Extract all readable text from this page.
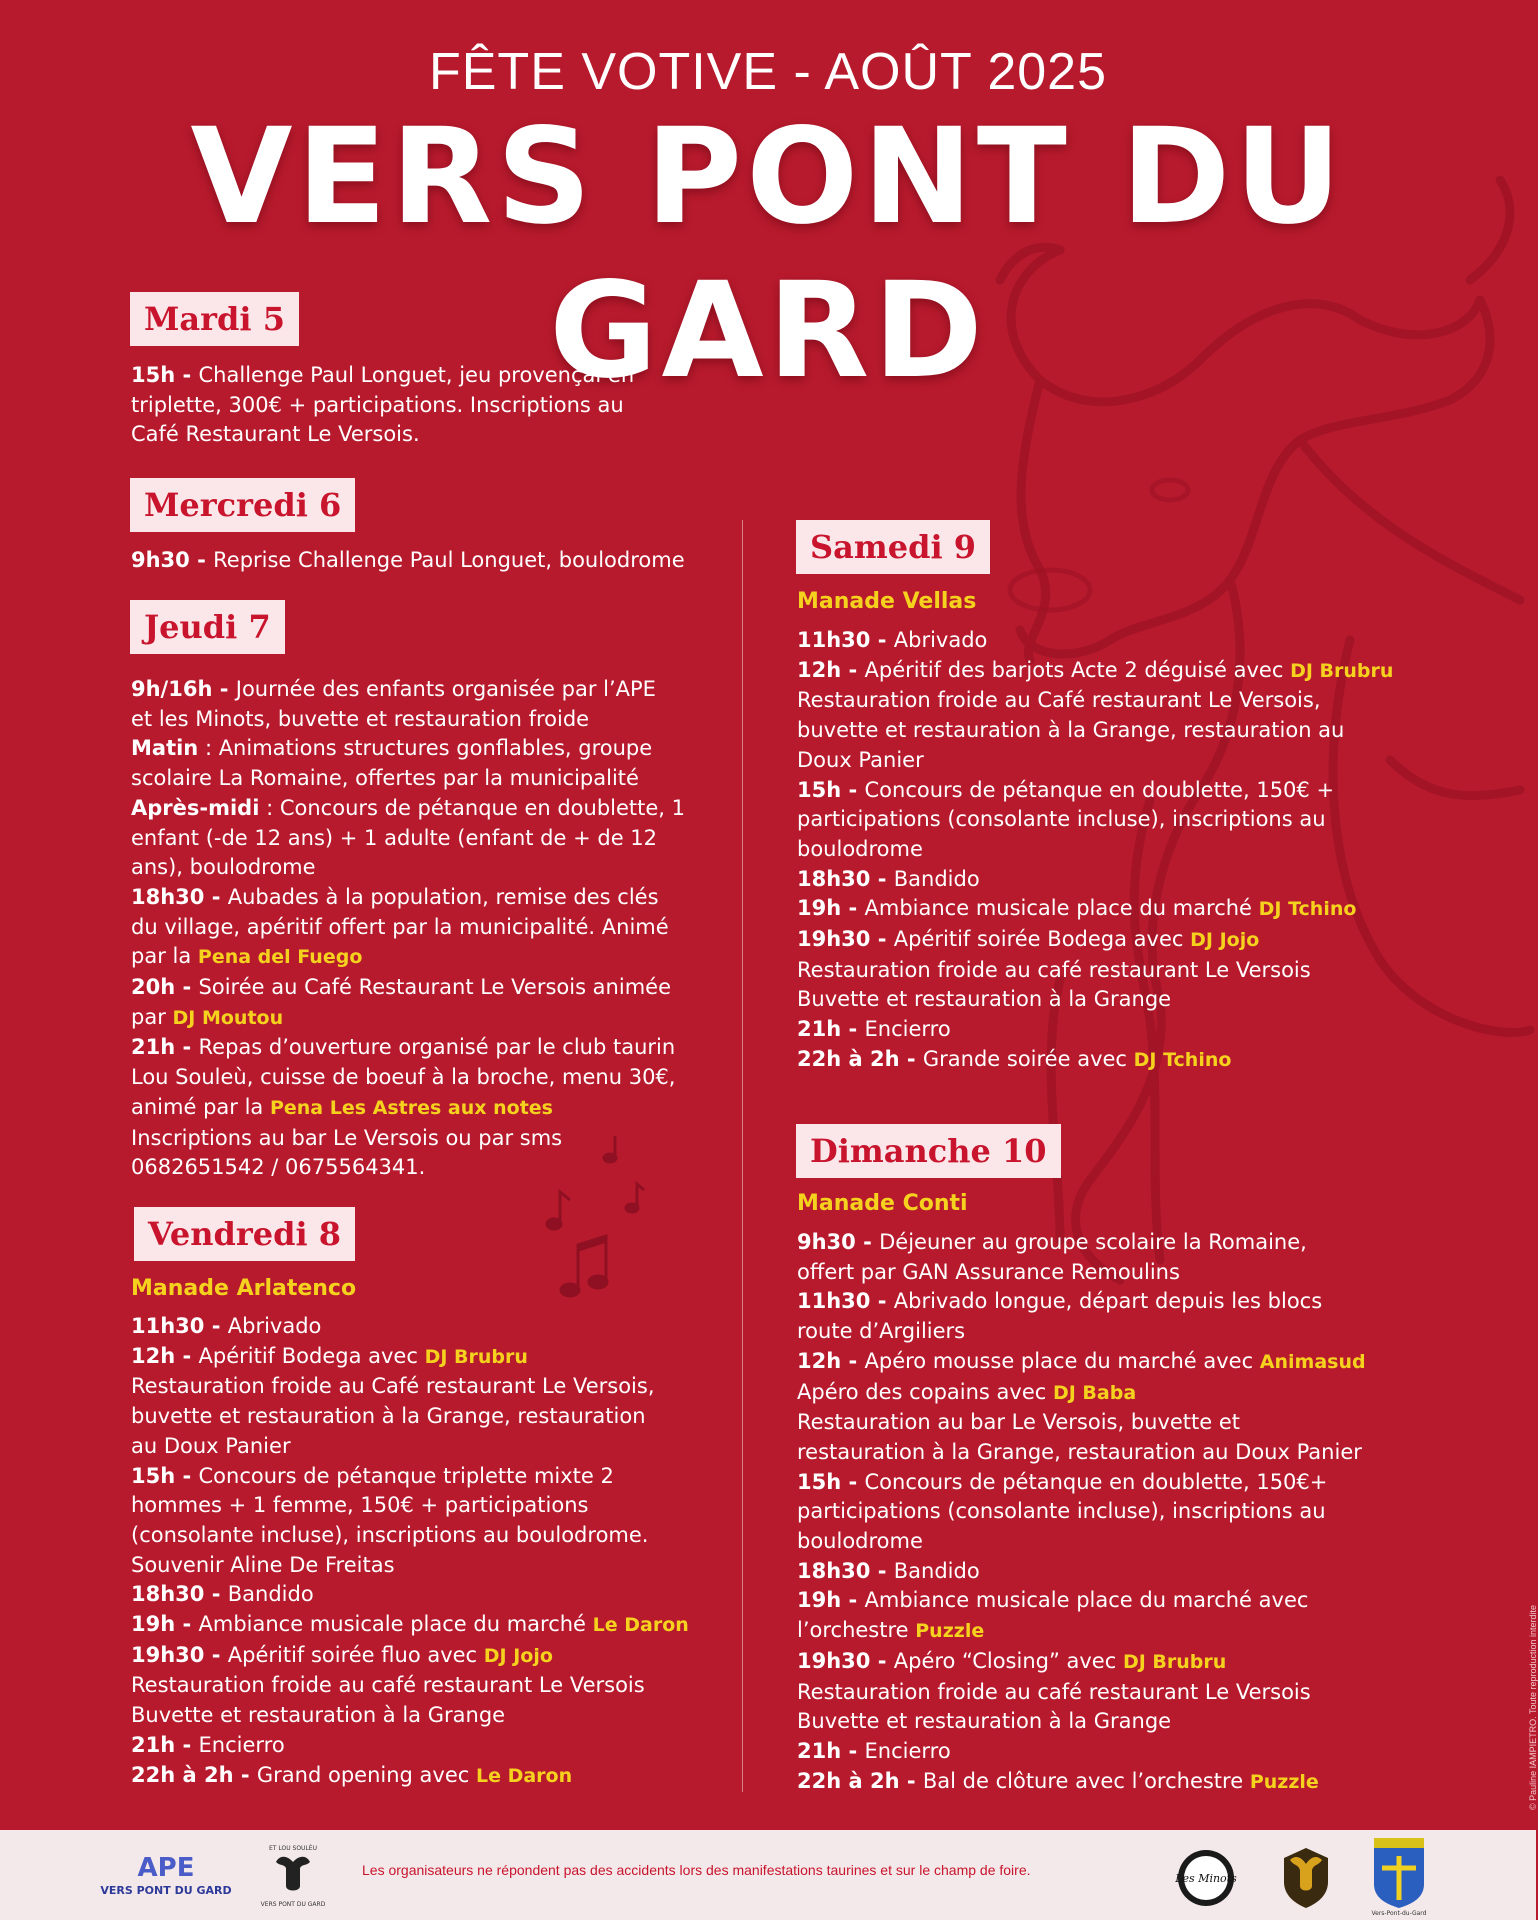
FÊTE VOTIVE - AOÛT 2025
VERS PONT DU GARD
Mardi 5
15h - Challenge Paul Longuet, jeu provençal en
triplette, 300€ + participations. Inscriptions au
Café Restaurant Le Versois.
Mercredi 6
9h30 - Reprise Challenge Paul Longuet, boulodrome
Jeudi 7
9h/16h - Journée des enfants organisée par l’APE
et les Minots, buvette et restauration froide
Matin : Animations structures gonflables, groupe
scolaire La Romaine, offertes par la municipalité
Après-midi : Concours de pétanque en doublette, 1
enfant (-de 12 ans) + 1 adulte (enfant de + de 12
ans), boulodrome
18h30 - Aubades à la population, remise des clés
du village, apéritif offert par la municipalité. Animé
par la Pena del Fuego
20h - Soirée au Café Restaurant Le Versois animée
par DJ Moutou
21h - Repas d’ouverture organisé par le club taurin
Lou Souleù, cuisse de boeuf à la broche, menu 30€,
animé par la Pena Les Astres aux notes
Inscriptions au bar Le Versois ou par sms
0682651542 / 0675564341.
Vendredi 8
Manade Arlatenco
11h30 - Abrivado
12h - Apéritif Bodega avec DJ Brubru
Restauration froide au Café restaurant Le Versois,
buvette et restauration à la Grange, restauration
au Doux Panier
15h - Concours de pétanque triplette mixte 2
hommes + 1 femme, 150€ + participations
(consolante incluse), inscriptions au boulodrome.
Souvenir Aline De Freitas
18h30 - Bandido
19h - Ambiance musicale place du marché Le Daron
19h30 - Apéritif soirée fluo avec DJ Jojo
Restauration froide au café restaurant Le Versois
Buvette et restauration à la Grange
21h - Encierro
22h à 2h - Grand opening avec Le Daron
Samedi 9
Manade Vellas
11h30 - Abrivado
12h - Apéritif des barjots Acte 2 déguisé avec DJ Brubru
Restauration froide au Café restaurant Le Versois,
buvette et restauration à la Grange, restauration au
Doux Panier
15h - Concours de pétanque en doublette, 150€ +
participations (consolante incluse), inscriptions au
boulodrome
18h30 - Bandido
19h - Ambiance musicale place du marché DJ Tchino
19h30 - Apéritif soirée Bodega avec DJ Jojo
Restauration froide au café restaurant Le Versois
Buvette et restauration à la Grange
21h - Encierro
22h à 2h - Grande soirée avec DJ Tchino
Dimanche 10
Manade Conti
9h30 - Déjeuner au groupe scolaire la Romaine,
offert par GAN Assurance Remoulins
11h30 - Abrivado longue, départ depuis les blocs
route d’Argiliers
12h - Apéro mousse place du marché avec Animasud
Apéro des copains avec DJ Baba
Restauration au bar Le Versois, buvette et
restauration à la Grange, restauration au Doux Panier
15h - Concours de pétanque en doublette, 150€+
participations (consolante incluse), inscriptions au
boulodrome
18h30 - Bandido
19h - Ambiance musicale place du marché avec
l’orchestre Puzzle
19h30 - Apéro “Closing” avec DJ Brubru
Restauration froide au café restaurant Le Versois
Buvette et restauration à la Grange
21h - Encierro
22h à 2h - Bal de clôture avec l’orchestre Puzzle	© Pauline IAMPIETRO. Toute reproduction interdite
APE
VERS PONT DU GARD
ET LOU SOULÈU
VERS PONT DU GARD
Les organisateurs ne répondent pas des accidents lors des manifestations taurines et sur le champ de foire.
Les Minots
Vers-Pont-du-Gard
